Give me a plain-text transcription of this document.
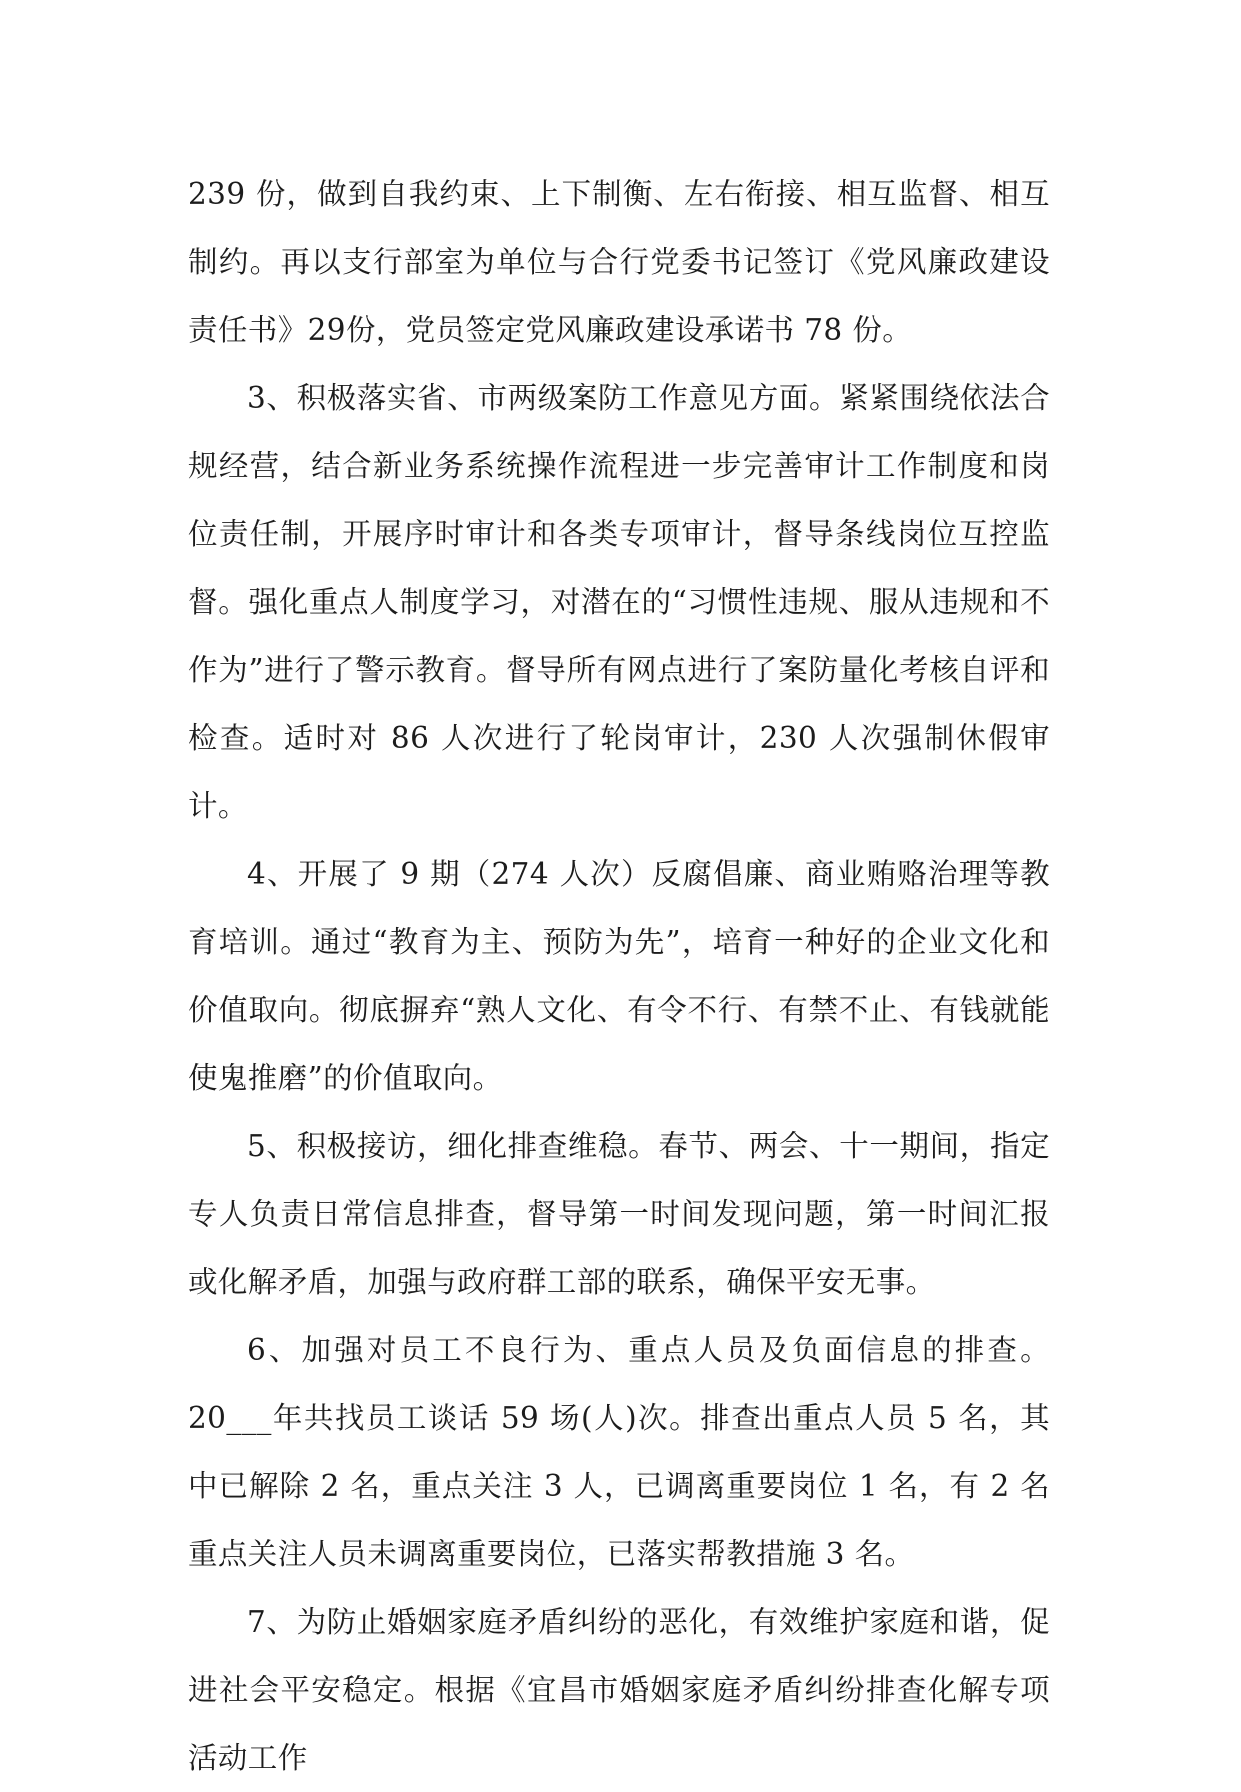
239 份，做到自我约束、上下制衡、左右衔接、相互监督、相互制约。再以支行部室为单位与合行党委书记签订《党风廉政建设责任书》29份，党员签定党风廉政建设承诺书 78 份。

3、积极落实省、市两级案防工作意见方面。紧紧围绕依法合规经营，结合新业务系统操作流程进一步完善审计工作制度和岗位责任制，开展序时审计和各类专项审计，督导条线岗位互控监督。强化重点人制度学习，对潜在的“习惯性违规、服从违规和不作为”进行了警示教育。督导所有网点进行了案防量化考核自评和检查。适时对 86 人次进行了轮岗审计，230 人次强制休假审计。

4、开展了 9 期（274 人次）反腐倡廉、商业贿赂治理等教育培训。通过“教育为主、预防为先”，培育一种好的企业文化和价值取向。彻底摒弃“熟人文化、有令不行、有禁不止、有钱就能使鬼推磨”的价值取向。

5、积极接访，细化排查维稳。春节、两会、十一期间，指定专人负责日常信息排查，督导第一时间发现问题，第一时间汇报或化解矛盾，加强与政府群工部的联系，确保平安无事。

6、加强对员工不良行为、重点人员及负面信息的排查。20___年共找员工谈话 59 场(人)次。排查出重点人员 5 名，其中已解除 2 名，重点关注 3 人，已调离重要岗位 1 名，有 2 名重点关注人员未调离重要岗位，已落实帮教措施 3 名。

7、为防止婚姻家庭矛盾纠纷的恶化，有效维护家庭和谐，促进社会平安稳定。根据《宜昌市婚姻家庭矛盾纠纷排查化解专项活动工作
